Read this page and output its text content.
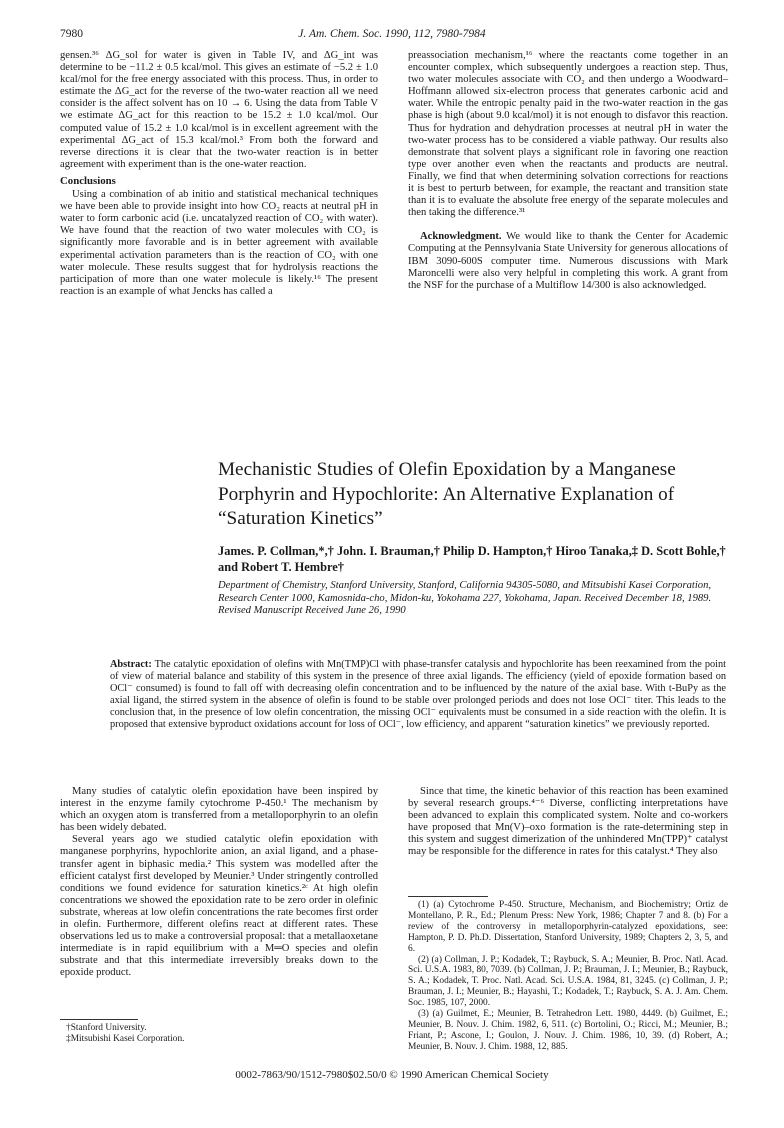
7980	J. Am. Chem. Soc. 1990, 112, 7980-7984

gensen.³⁶ ΔG_sol for water is given in Table IV, and ΔG_int was determine to be −11.2 ± 0.5 kcal/mol. This gives an estimate of −5.2 ± 1.0 kcal/mol for the free energy associated with this process. Thus, in order to estimate the ΔG_act for the reverse of the two-water reaction all we need consider is the affect solvent has on 10 → 6. Using the data from Table V we estimate ΔG_act for this reaction to be 15.2 ± 1.0 kcal/mol. Our computed value of 15.2 ± 1.0 kcal/mol is in excellent agreement with the experimental ΔG_act of 15.3 kcal/mol.³ From both the forward and reverse directions it is clear that the two-water reaction is in better agreement with experiment than is the one-water reaction.

Conclusions

Using a combination of ab initio and statistical mechanical techniques we have been able to provide insight into how CO₂ reacts at neutral pH in water to form carbonic acid (i.e. uncatalyzed reaction of CO₂ with water). We have found that the reaction of two water molecules with CO₂ is significantly more favorable and is in better agreement with available experimental activation parameters than is the reaction of CO₂ with one water molecule. These results suggest that for hydrolysis reactions the participation of more than one water molecule is likely.¹⁶ The present reaction is an example of what Jencks has called a

preassociation mechanism,¹⁶ where the reactants come together in an encounter complex, which subsequently undergoes a reaction step. Thus, two water molecules associate with CO₂ and then undergo a Woodward–Hoffmann allowed six-electron process that generates carbonic acid and water. While the entropic penalty paid in the two-water reaction in the gas phase is high (about 9.0 kcal/mol) it is not enough to disfavor this reaction. Thus for hydration and dehydration processes at neutral pH in water the two-water process has to be considered a viable pathway. Our results also demonstrate that solvent plays a significant role in favoring one reaction type over another even when the reactants and products are neutral. Finally, we find that when determining solvation corrections for reactions it is best to perturb between, for example, the reactant and transition state than it is to evaluate the absolute free energy of the separate molecules and then taking the difference.³¹

Acknowledgment. We would like to thank the Center for Academic Computing at the Pennsylvania State University for generous allocations of IBM 3090-600S computer time. Numerous discussions with Mark Maroncelli were also very helpful in completing this work. A grant from the NSF for the purchase of a Multiflow 14/300 is also acknowledged.

Mechanistic Studies of Olefin Epoxidation by a Manganese Porphyrin and Hypochlorite: An Alternative Explanation of “Saturation Kinetics”
James. P. Collman,*,† John. I. Brauman,† Philip D. Hampton,† Hiroo Tanaka,‡ D. Scott Bohle,† and Robert T. Hembre†
Department of Chemistry, Stanford University, Stanford, California 94305-5080, and Mitsubishi Kasei Corporation, Research Center 1000, Kamosnida-cho, Midon-ku, Yokohama 227, Yokohama, Japan. Received December 18, 1989. Revised Manuscript Received June 26, 1990
Abstract: The catalytic epoxidation of olefins with Mn(TMP)Cl with phase-transfer catalysis and hypochlorite has been reexamined from the point of view of material balance and stability of this system in the presence of three axial ligands. The efficiency (yield of epoxide formation based on OCl⁻ consumed) is found to fall off with decreasing olefin concentration and to be influenced by the nature of the axial base. With t-BuPy as the axial ligand, the stirred system in the absence of olefin is found to be stable over prolonged periods and does not lose OCl⁻ titer. This leads to the conclusion that, in the presence of low olefin concentration, the missing OCl⁻ equivalents must be consumed in a side reaction with the olefin. It is proposed that extensive byproduct oxidations account for loss of OCl⁻, low efficiency, and apparent “saturation kinetics” we previously reported.

Many studies of catalytic olefin epoxidation have been inspired by interest in the enzyme family cytochrome P-450.¹ The mechanism by which an oxygen atom is transferred from a metalloporphyrin to an olefin has been widely debated.

Several years ago we studied catalytic olefin epoxidation with manganese porphyrins, hypochlorite anion, an axial ligand, and a phase-transfer agent in biphasic media.² This system was modelled after the efficient catalyst first developed by Meunier.³ Under stringently controlled conditions we found evidence for saturation kinetics.²ᶜ At high olefin concentrations we showed the epoxidation rate to be zero order in olefinic substrate, whereas at low olefin concentrations the rate becomes first order in olefin. Furthermore, different olefins react at different rates. These observations led us to make a controversial proposal: that a metallaoxetane intermediate is in rapid equilibrium with a M═O species and olefin substrate and that this intermediate irreversibly breaks down to the epoxide product.

Since that time, the kinetic behavior of this reaction has been examined by several research groups.⁴⁻⁶ Diverse, conflicting interpretations have been advanced to explain this complicated system. Nolte and co-workers have proposed that Mn(V)–oxo formation is the rate-determining step in this system and suggest dimerization of the unhindered Mn(TPP)⁺ catalyst may be responsible for the difference in rates for this catalyst.⁴ They also

†Stanford University.

‡Mitsubishi Kasei Corporation.

(1) (a) Cytochrome P-450. Structure, Mechanism, and Biochemistry; Ortiz de Montellano, P. R., Ed.; Plenum Press: New York, 1986; Chapter 7 and 8. (b) For a review of the controversy in metalloporphyrin-catalyzed epoxidations, see: Hampton, P. D. Ph.D. Dissertation, Stanford University, 1989; Chapters 2, 3, 5, and 6.

(2) (a) Collman, J. P.; Kodadek, T.; Raybuck, S. A.; Meunier, B. Proc. Natl. Acad. Sci. U.S.A. 1983, 80, 7039. (b) Collman, J. P.; Brauman, J. I.; Meunier, B.; Raybuck, S. A.; Kodadek, T. Proc. Natl. Acad. Sci. U.S.A. 1984, 81, 3245. (c) Collman, J. P.; Brauman, J. I.; Meunier, B.; Hayashi, T.; Kodadek, T.; Raybuck, S. A. J. Am. Chem. Soc. 1985, 107, 2000.

(3) (a) Guilmet, E.; Meunier, B. Tetrahedron Lett. 1980, 4449. (b) Guilmet, E.; Meunier, B. Nouv. J. Chim. 1982, 6, 511. (c) Bortolini, O.; Ricci, M.; Meunier, B.; Friant, P.; Ascone, I.; Goulon, J. Nouv. J. Chim. 1986, 10, 39. (d) Robert, A.; Meunier, B. Nouv. J. Chim. 1988, 12, 885.

0002-7863/90/1512-7980$02.50/0 © 1990 American Chemical Society
